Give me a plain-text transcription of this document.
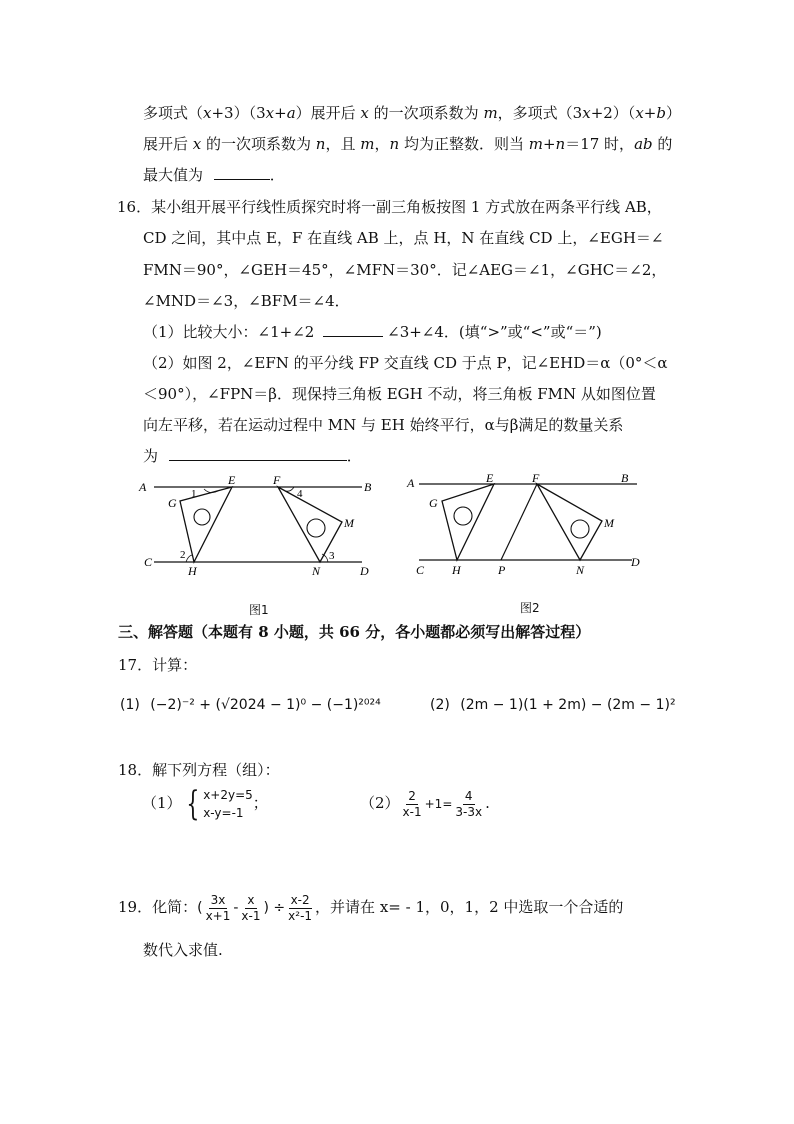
多项式（x+3）（3x+a）展开后 x 的一次项系数为 m，多项式（3x+2）（x+b）
展开后 x 的一次项系数为 n，且 m，n 均为正整数．则当 m+n＝17 时，ab 的
最大值为	．
16．某小组开展平行线性质探究时将一副三角板按图 1 方式放在两条平行线 AB，
CD 之间，其中点 E，F 在直线 AB 上，点 H，N 在直线 CD 上，∠EGH＝∠
FMN＝90°，∠GEH＝45°，∠MFN＝30°．记∠AEG＝∠1，∠GHC＝∠2，
∠MND＝∠3，∠BFM＝∠4．
（1）比较大小：∠1+∠2	∠3+∠4．(填“>”或“<”或“＝”)
（2）如图 2，∠EFN 的平分线 FP 交直线 CD 于点 P，记∠EHD＝α（0°＜α
＜90°），∠FPN＝β．现保持三角板 EGH 不动，将三角板 FMN 从如图位置
向左平移，若在运动过程中 MN 与 EH 始终平行，α与β满足的数量关系
为	．
A	B
C
D
E	F
G
H
M
N
1
2	3
4
图1
A	B
C
D
E	F
G
H	P
M
N
图2
三、解答题（本题有 8 小题，共 66 分，各小题都必须写出解答过程）
17．计算：
(1) (−2)⁻² + (√2024 − 1)⁰ − (−1)²⁰²⁴	(2) (2m − 1)(1 + 2m) − (2m − 1)²
18．解下列方程（组）：
（1） { x+2y=5
x-y=-1
；	$(2) \frac{2}{x-1} +1= \frac{4}{3-3x}$ .
19．化简：( $\frac{3x}{x+1} - \frac{x}{x-1}$ ) ÷ $\frac{x-2}{\text{x²-1}}$ ，并请在 x= - 1，0，1，2 中选取一个合适的
数代入求值.
